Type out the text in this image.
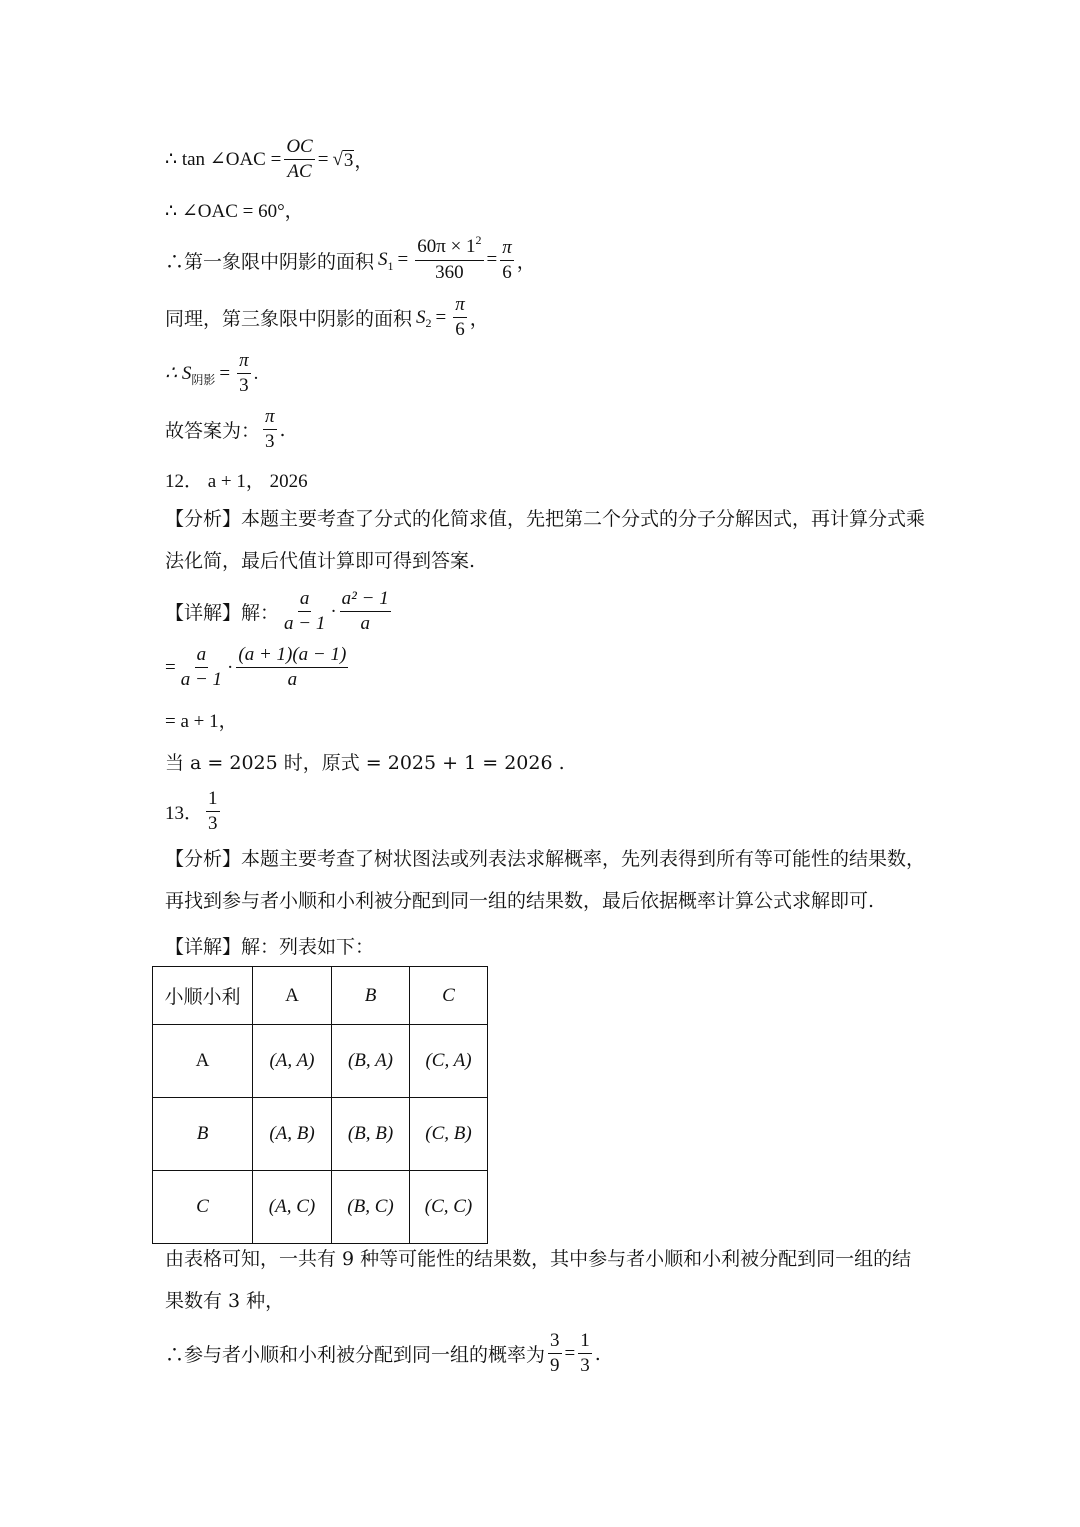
∴ tan ∠OAC = $\frac{OC}{AC}$ = √ 3 ，
∴ ∠OAC = 60°，
∴第一象限中阴影的面积 S $1 = \frac{60\pi \times 1^2}{360} = \frac{\pi}{6}$ ，
同理，第三象限中阴影的面积 S $2 = \frac{\pi}{6}$ ，
∴ S 阴影 = $\frac{\pi}{3}$ .
故答案为： $\frac{\pi}{3}$ .
12． a + 1， 2026
【分析】本题主要考查了分式的化简求值，先把第二个分式的分子分解因式，再计算分式乘法化简，最后代值计算即可得到答案.
【详解】解： $\frac{a}{a - 1} \cdot \frac{\text{a² − 1}}{a}$
= $\frac{a}{a - 1} \cdot \frac{(a + 1)(a - 1)}{a}$
= a + 1，
当 a = 2025 时，原式 = 2025 + 1 = 2026 .
13． $\frac{1}{3}$
【分析】本题主要考查了树状图法或列表法求解概率，先列表得到所有等可能性的结果数，再找到参与者小顺和小利被分配到同一组的结果数，最后依据概率计算公式求解即可.
【详解】解：列表如下：
小顺小利	A	B	C
A	(A, A)	(B, A)	(C, A)
B	(A, B)	(B, B)	(C, B)
C	(A, C)	(B, C)	(C, C)
由表格可知，一共有 9 种等可能性的结果数，其中参与者小顺和小利被分配到同一组的结果数有 3 种，
∴参与者小顺和小利被分配到同一组的概率为 $\frac{3}{9} = \frac{1}{3}$ .
